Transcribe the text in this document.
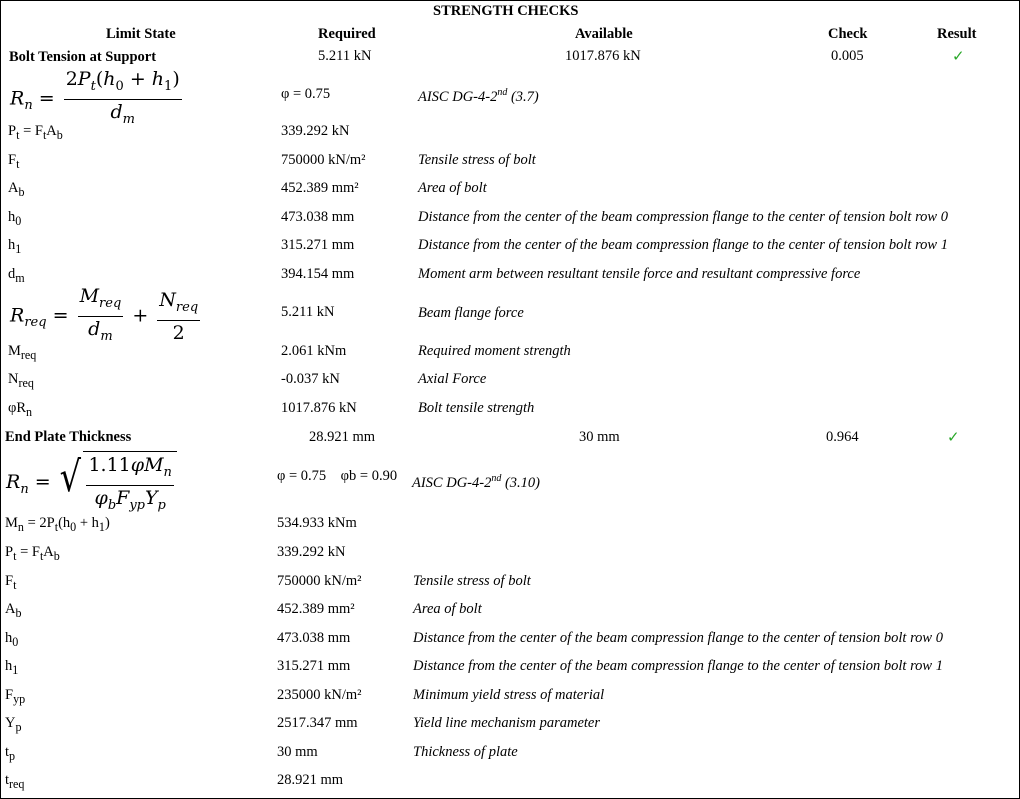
STRENGTH CHECKS
Limit State	Required	Available	Check	Result
Bolt Tension at Support	5.211 kN	1017.876 kN	0.005	✓
$R_n = \frac{2P_t(h_0 + h_1)}{d_m}$	φ = 0.75	AISC DG-4-2nd (3.7)
$P_t = F_tA_b$	339.292 kN
$F_t$	750000 kN/m²	Tensile stress of bolt
$A_b$	452.389 mm²	Area of bolt
$h_0$	473.038 mm	Distance from the center of the beam compression flange to the center of tension bolt row 0
$h_1$	315.271 mm	Distance from the center of the beam compression flange to the center of tension bolt row 1
$d_m$	394.154 mm	Moment arm between resultant tensile force and resultant compressive force
$R_{req} = \frac{M_{req}}{d_m} + \frac{N_{req}}{2}$	5.211 kN	Beam flange force
$M_{req}$	2.061 kNm	Required moment strength
$N_{req}$	-0.037 kN	Axial Force
$\varphi R_n$	1017.876 kN	Bolt tensile strength
End Plate Thickness	28.921 mm	30 mm	0.964	✓
$R_n$ = √ $\frac{1.11\varphi M_n}{\varphi_bF_{yp}Y_p}$	φ = 0.75 φb = 0.90 AISC DG-4-2nd (3.10)
$M_n = 2P_t(h_0 + h_1)$	534.933 kNm
$P_t = F_tA_b$	339.292 kN
$F_t$	750000 kN/m²	Tensile stress of bolt
$A_b$	452.389 mm²	Area of bolt
$h_0$	473.038 mm	Distance from the center of the beam compression flange to the center of tension bolt row 0
$h_1$	315.271 mm	Distance from the center of the beam compression flange to the center of tension bolt row 1
$F_{yp}$	235000 kN/m²	Minimum yield stress of material
$Y_p$	2517.347 mm	Yield line mechanism parameter
$t_p$	30 mm	Thickness of plate
$t_{req}$	28.921 mm
